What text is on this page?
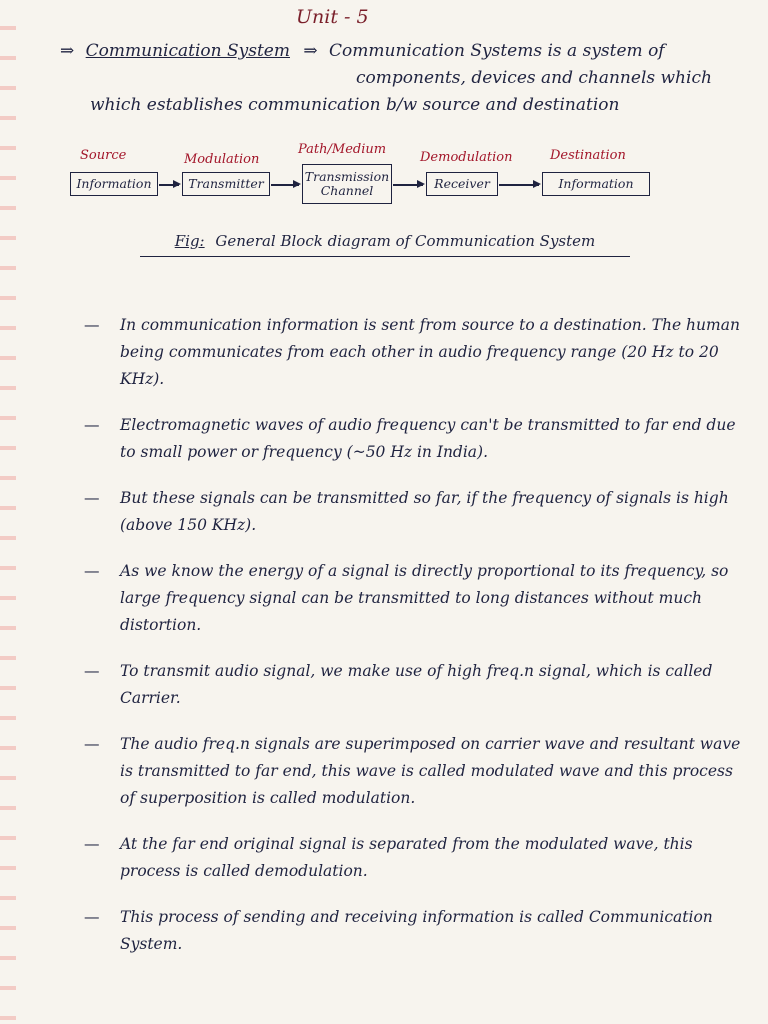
Unit - 5
⇒ Communication System ⇒ Communication Systems is a system of
components, devices and channels which
which establishes communication b/w source and destination
Source	Modulation
Path/Medium
Demodulation	Destination
Information	Transmitter	Transmission Channel	Receiver	Information
Fig: General Block diagram of Communication System
— In communication information is sent from source to a destination. The human being communicates from each other in audio frequency range (20 Hz to 20 KHz).
— Electromagnetic waves of audio frequency can't be transmitted to far end due to small power or frequency (~50 Hz in India).
— But these signals can be transmitted so far, if the frequency of signals is high (above 150 KHz).
— As we know the energy of a signal is directly proportional to its frequency, so large frequency signal can be transmitted to long distances without much distortion.
— To transmit audio signal, we make use of high freq.n signal, which is called Carrier.
— The audio freq.n signals are superimposed on carrier wave and resultant wave is transmitted to far end, this wave is called modulated wave and this process of superposition is called modulation.
— At the far end original signal is separated from the modulated wave, this process is called demodulation.
— This process of sending and receiving information is called Communication System.
